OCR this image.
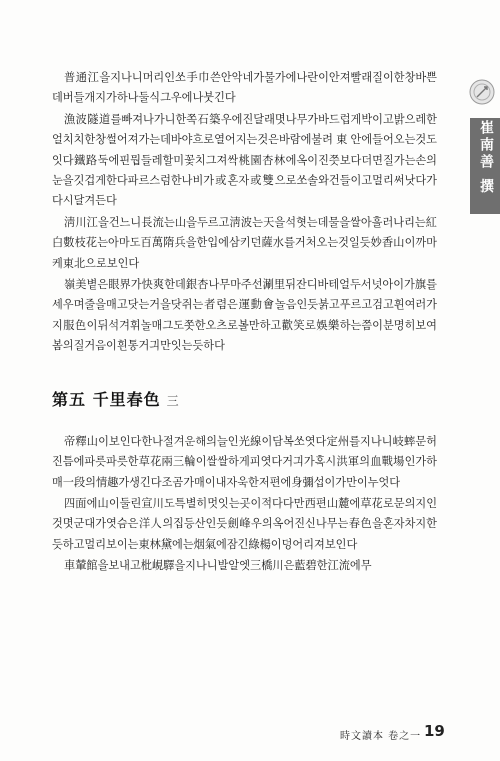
崔南善 撰

普通江을지나니머리인쏘手巾쓴안악네가물가에나란이안져빨래질이한창바쁜데버들개지가하나둘식그우에나붓긴다

漁波隧道를빠져나가니한쪽石築우에진달래몃나무가바드럽게박이고밝으레한얼치치한창썰어져가는데바야흐로열어지는것은바람에불려東안에들어오는것도잇다鐵路둑에핀뭡들레할미꽃치그져싹桃園杏林에옥이진쯧보다더면질가는손의눈을깃겁게한다파르스럼한나비가或혼자或雙으로쏘솔와건들이고멀리써낫다가다시달겨든다

淸川江을건느니長流는山을두르고淸波는天을석혓는데물을쌀아흘러나리는紅白數枝花는아마도百萬隋兵을한입에삼키던薩水를거처오는것일듯妙香山이까마케東北으로보인다

嶺美볕은眼界가快爽한데銀杏나무마주선涮里뒤잔디바테얼두서넛아이가旗를세우며줄을매고닷는거을닷쥐는者렴은運動會놀음인듯붉고푸르고검고휜여러가지服色이뒤석겨휘놀매그도쫏한오츠로볼만하고歡笑로娛樂하는쯤이분명히보여봄의질거음이흰통거긔만잇는듯하다

第五 千里春色 三

帝釋山이보인다한나절겨운해의늘인光線이담복쏘엿다定州를지나니岐蟀문허진틈에파릇파릇한草花兩三輪이쌀쌀하게피엿다거긔가혹시洪軍의血戰場인가하매一段의情趣가생긴다조곰가매이내자욱한저편에身彌섭이가만이누엇다

四面에山이둘린宣川도특별히멋잇는곳이적다다만西편山麓에草花로문의지인것몃군대가엿슴은洋人의집등산인듯劍峰우의옥어진신나무는春色을혼자차지한듯하고멀리보이는東林黛에는烟氣에잠긴綠楊이덩어리져보인다

車輦館을보내고枇峴驛을지나니발알엣三橋川은藍碧한江流에무

時文讀本 卷之一 19
